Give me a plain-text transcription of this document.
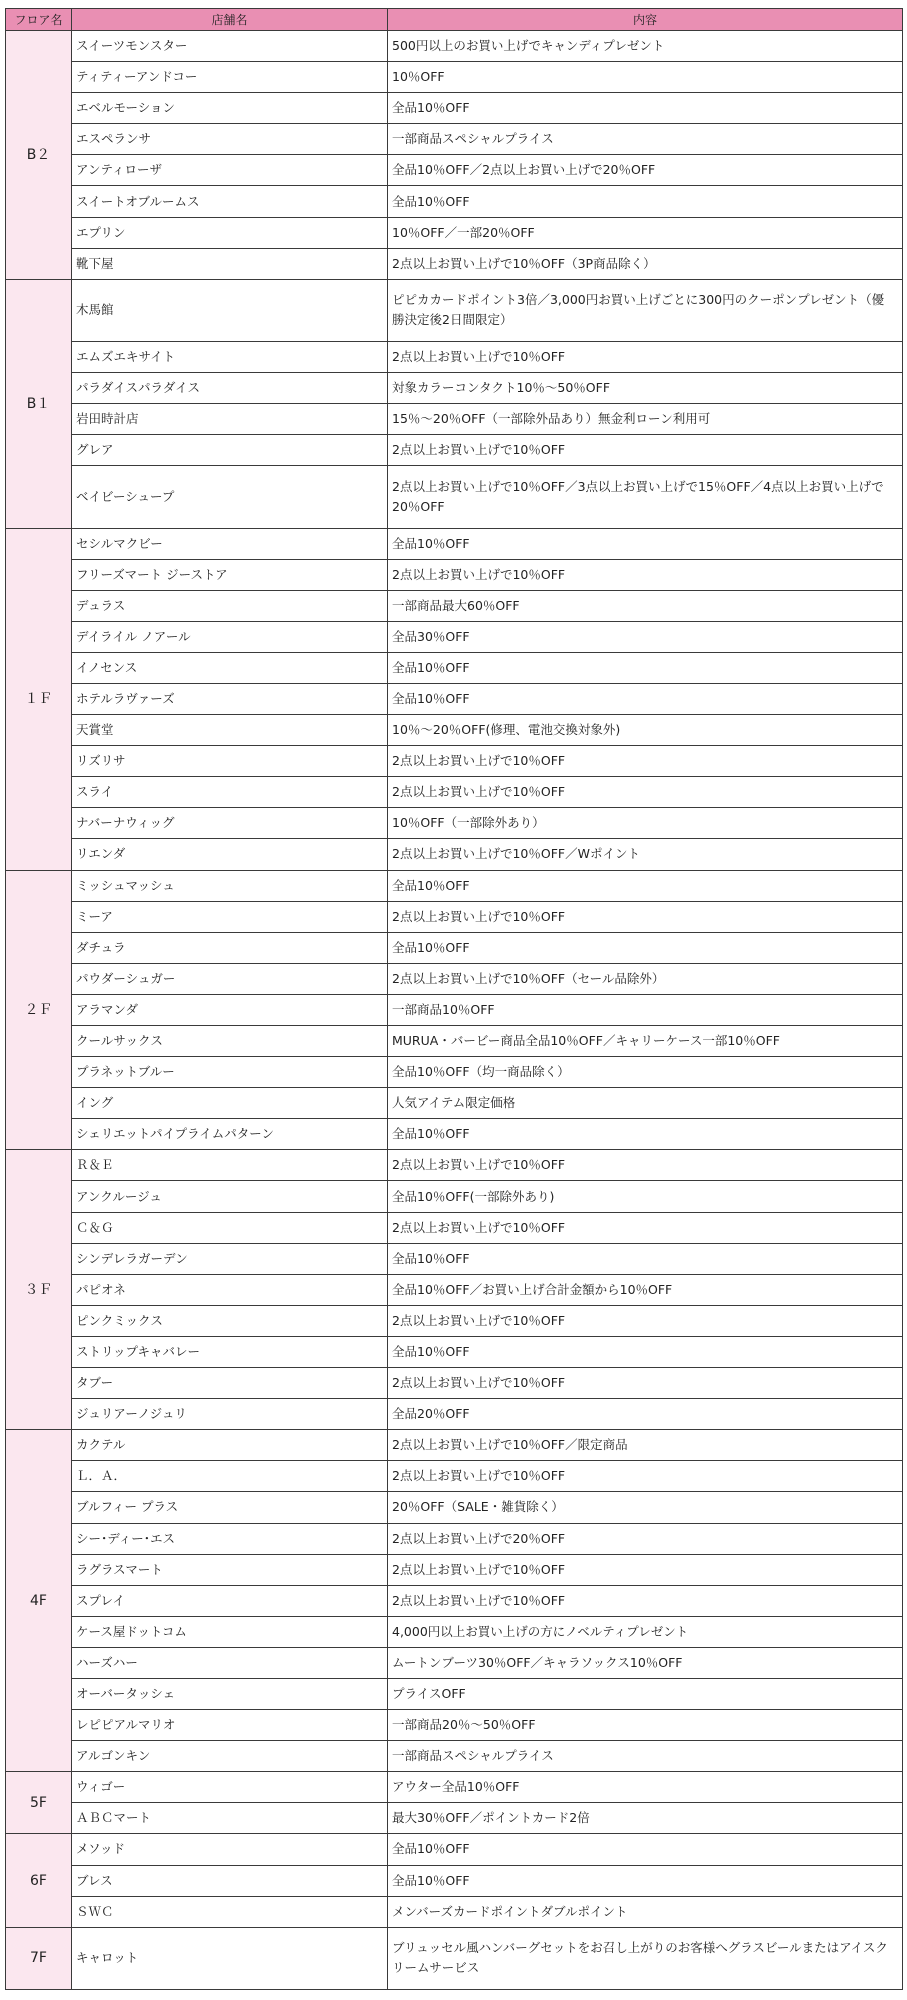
フロア名	店舗名	内容
B２	スイーツモンスター	500円以上のお買い上げでキャンディプレゼント
	ティティーアンドコー	10％OFF
	エベルモーション	全品10％OFF
	エスペランサ	一部商品スペシャルプライス
	アンティローザ	全品10％OFF／2点以上お買い上げで20％OFF
	スイートオブルームス	全品10％OFF
	エプリン	10％OFF／一部20％OFF
	靴下屋	2点以上お買い上げで10％OFF（3P商品除く）
B１	木馬館	ピピカカードポイント3倍／3,000円お買い上げごとに300円のクーポンプレゼント（優勝決定後2日間限定）
	エムズエキサイト	2点以上お買い上げで10％OFF
	パラダイスパラダイス	対象カラーコンタクト10％～50％OFF
	岩田時計店	15％～20％OFF（一部除外品あり）無金利ローン利用可
	グレア	2点以上お買い上げで10％OFF
	ベイビーシュープ	2点以上お買い上げで10％OFF／3点以上お買い上げで15％OFF／4点以上お買い上げで20％OFF
１Ｆ	セシルマクビー	全品10％OFF
	フリーズマート ジーストア	2点以上お買い上げで10％OFF
	デュラス	一部商品最大60％OFF
	デイライル ノアール	全品30％OFF
	イノセンス	全品10％OFF
	ホテルラヴァーズ	全品10％OFF
	天賞堂	10％～20％OFF(修理、電池交換対象外)
	リズリサ	2点以上お買い上げで10％OFF
	スライ	2点以上お買い上げで10％OFF
	ナバーナウィッグ	10％OFF（一部除外あり）
	リエンダ	2点以上お買い上げで10％OFF／Wポイント
２Ｆ	ミッシュマッシュ	全品10％OFF
	ミーア	2点以上お買い上げで10％OFF
	ダチュラ	全品10％OFF
	パウダーシュガー	2点以上お買い上げで10％OFF（セール品除外）
	アラマンダ	一部商品10％OFF
	クールサックス	MURUA・バービー商品全品10％OFF／キャリーケース一部10％OFF
	プラネットブルー	全品10％OFF（均一商品除く）
	イング	人気アイテム限定価格
	シェリエットパイプライムパターン	全品10％OFF
３Ｆ	Ｒ＆Ｅ	2点以上お買い上げで10％OFF
	アンクルージュ	全品10％OFF(一部除外あり)
	Ｃ＆Ｇ	2点以上お買い上げで10％OFF
	シンデレラガーデン	全品10％OFF
	パピオネ	全品10％OFF／お買い上げ合計金額から10％OFF
	ピンクミックス	2点以上お買い上げで10％OFF
	ストリップキャバレー	全品10％OFF
	タブー	2点以上お買い上げで10％OFF
	ジュリアーノジュリ	全品20％OFF
4F	カクテル	2点以上お買い上げで10％OFF／限定商品
	Ｌ．Ａ．	2点以上お買い上げで10％OFF
	ブルフィー プラス	20％OFF（SALE・雑貨除く）
	シー･ディー･エス	2点以上お買い上げで20％OFF
	ラグラスマート	2点以上お買い上げで10％OFF
	スプレイ	2点以上お買い上げで10％OFF
	ケース屋ドットコム	4,000円以上お買い上げの方にノベルティプレゼント
	ハーズハー	ムートンブーツ30％OFF／キャラソックス10％OFF
	オーバータッシェ	プライスOFF
	レピピアルマリオ	一部商品20％～50％OFF
	アルゴンキン	一部商品スペシャルプライス
5F	ウィゴー	アウター全品10％OFF
	ＡＢＣマート	最大30％OFF／ポイントカード2倍
6F	メソッド	全品10％OFF
	ブレス	全品10％OFF
	ＳＷＣ	メンバーズカードポイントダブルポイント
7F	キャロット	ブリュッセル風ハンバーグセットをお召し上がりのお客様へグラスビールまたはアイスクリームサービス
